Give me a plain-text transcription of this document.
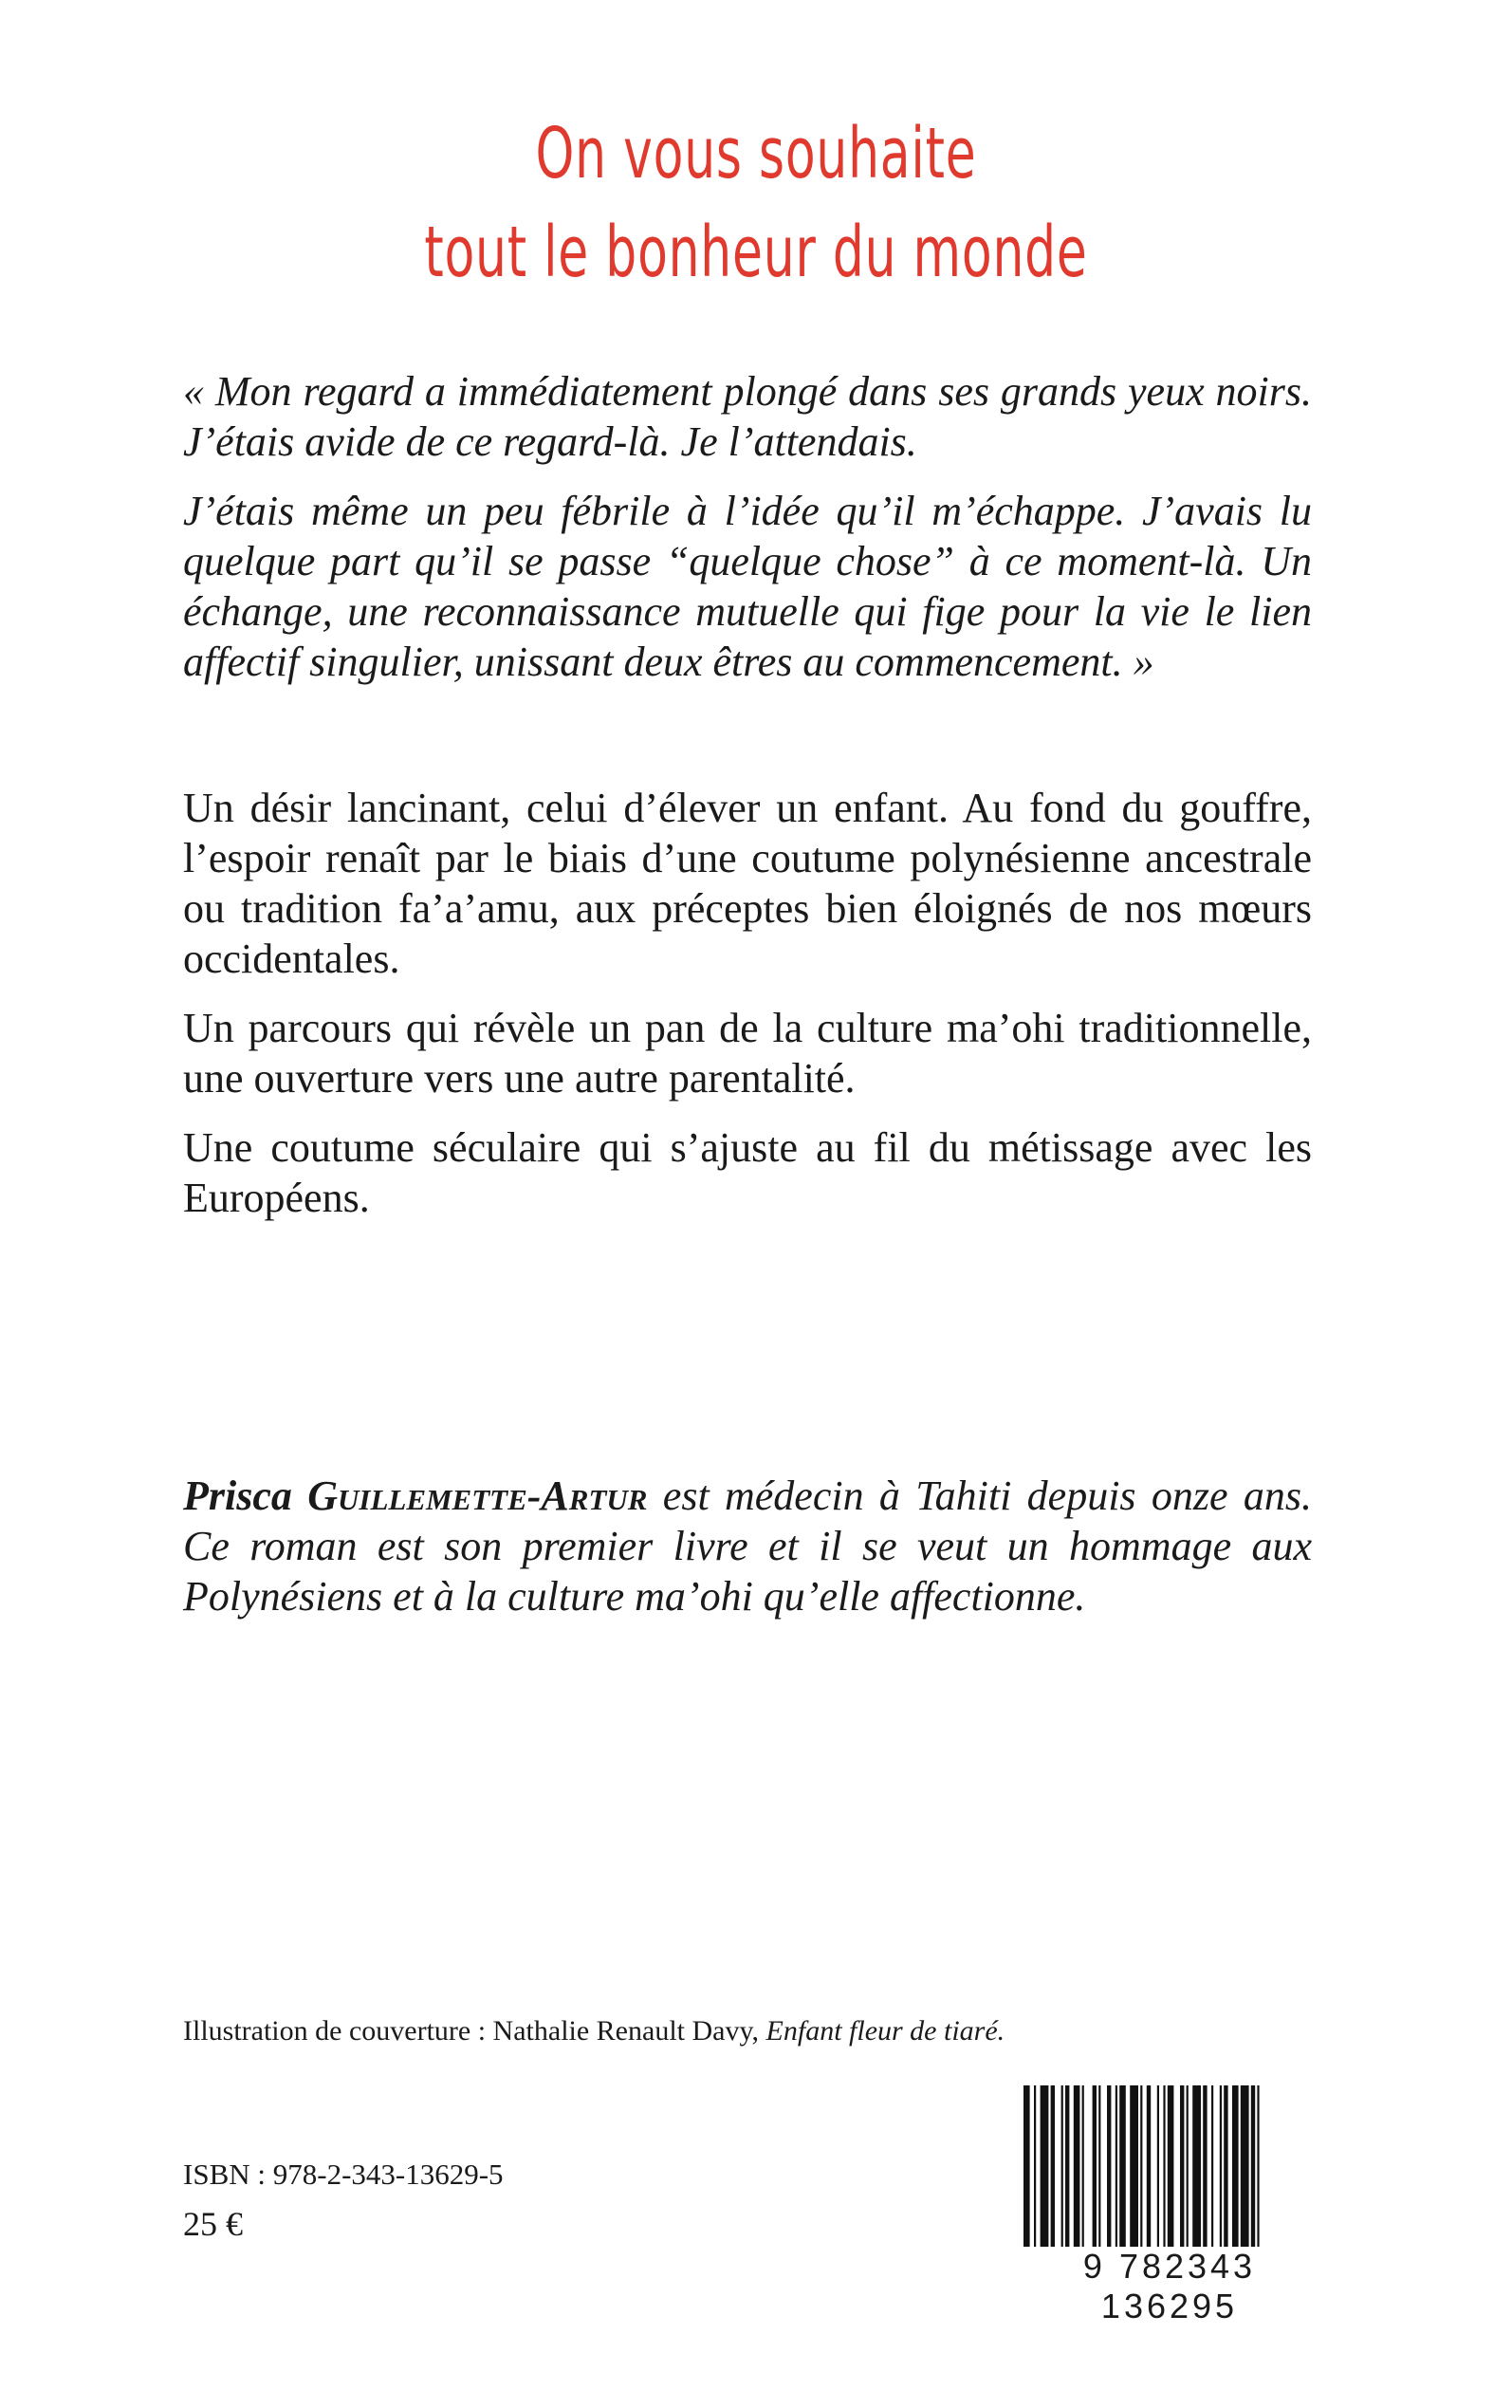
On vous souhaite
tout le bonheur du monde

« Mon regard a immédiatement plongé dans ses grands yeux noirs. J’étais avide de ce regard-là. Je l’attendais.

J’étais même un peu fébrile à l’idée qu’il m’échappe. J’avais lu quelque part qu’il se passe “quelque chose” à ce moment-là. Un échange, une reconnaissance mutuelle qui fige pour la vie le lien affectif singulier, unissant deux êtres au commencement. »

Un désir lancinant, celui d’élever un enfant. Au fond du gouffre, l’espoir renaît par le biais d’une coutume polynésienne ancestrale ou tradition fa’a’amu, aux préceptes bien éloignés de nos mœurs occidentales.

Un parcours qui révèle un pan de la culture ma’ohi traditionnelle, une ouverture vers une autre parentalité.

Une coutume séculaire qui s’ajuste au fil du métissage avec les Européens.

Prisca Guillemette-Artur est médecin à Tahiti depuis onze ans. Ce roman est son premier livre et il se veut un hommage aux Polynésiens et à la culture ma’ohi qu’elle affectionne.

Illustration de couverture : Nathalie Renault Davy, Enfant fleur de tiaré.
ISBN : 978-2-343-13629-5
25 €
9 782343 136295
